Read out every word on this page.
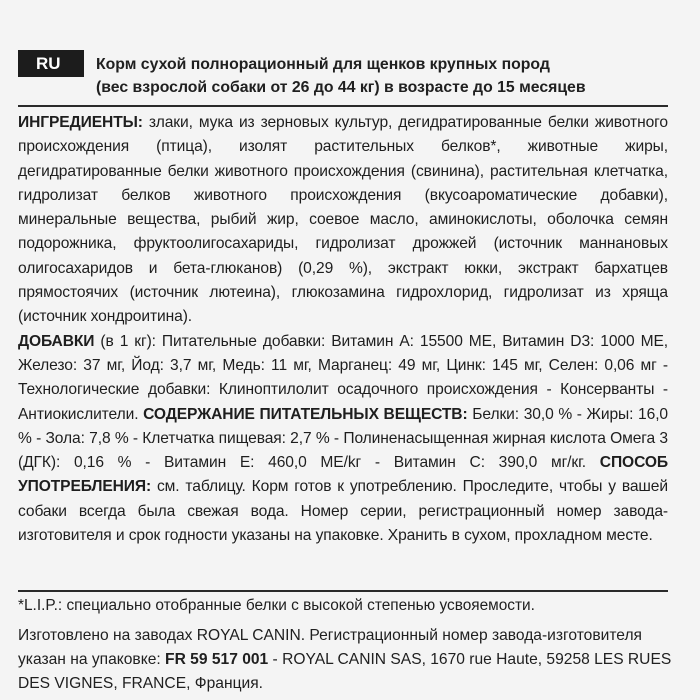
RU	Корм сухой полнорационный для щенков крупных пород
(вес взрослой собаки от 26 до 44 кг) в возрасте до 15 месяцев

ИНГРЕДИЕНТЫ: злаки, мука из зерновых культур, дегидратированные белки животного происхождения (птица), изолят растительных белков*, животные жиры, дегидратированные белки животного происхождения (свинина), растительная клетчатка, гидролизат белков животного происхождения (вкусоароматические добавки), минеральные вещества, рыбий жир, соевое масло, аминокислоты, оболочка семян подорожника, фруктоолигосахариды, гидролизат дрожжей (источник маннановых олигосахаридов и бета-глюканов) (0,29 %), экстракт юкки, экстракт бархатцев прямостоячих (источник лютеина), глюкозамина гидрохлорид, гидролизат из хряща (источник хондроитина).

ДОБАВКИ (в 1 кг): Питательные добавки: Витамин А: 15500 МЕ, Витамин D3: 1000 МЕ, Железо: 37 мг, Йод: 3,7 мг, Медь: 11 мг, Марганец: 49 мг, Цинк: 145 мг, Селен: 0,06 мг - Технологические добавки: Клиноптилолит осадочного происхождения - Консерванты - Антиокислители. СОДЕРЖАНИЕ ПИТАТЕЛЬНЫХ ВЕЩЕСТВ: Белки: 30,0 % - Жиры: 16,0 % - Зола: 7,8 % - Клетчатка пищевая: 2,7 % - Полиненасыщенная жирная кислота Омега 3 (ДГК): 0,16 % - Витамин Е: 460,0 МЕ/kг - Витамин С: 390,0 мг/кг. СПОСОБ УПОТРЕБЛЕНИЯ: см. таблицу. Корм готов к употреблению. Проследите, чтобы у вашей собаки всегда была свежая вода. Номер серии, регистрационный номер завода-изготовителя и срок годности указаны на упаковке. Хранить в сухом, прохладном месте.

*L.I.P.: специально отобранные белки с высокой степенью усвояемости.
Изготовлено на заводах ROYAL CANIN. Регистрационный номер завода-изготовителя указан на упаковке: FR 59 517 001 - ROYAL CANIN SAS, 1670 rue Haute, 59258 LES RUES DES VIGNES, FRANCE, Франция.
